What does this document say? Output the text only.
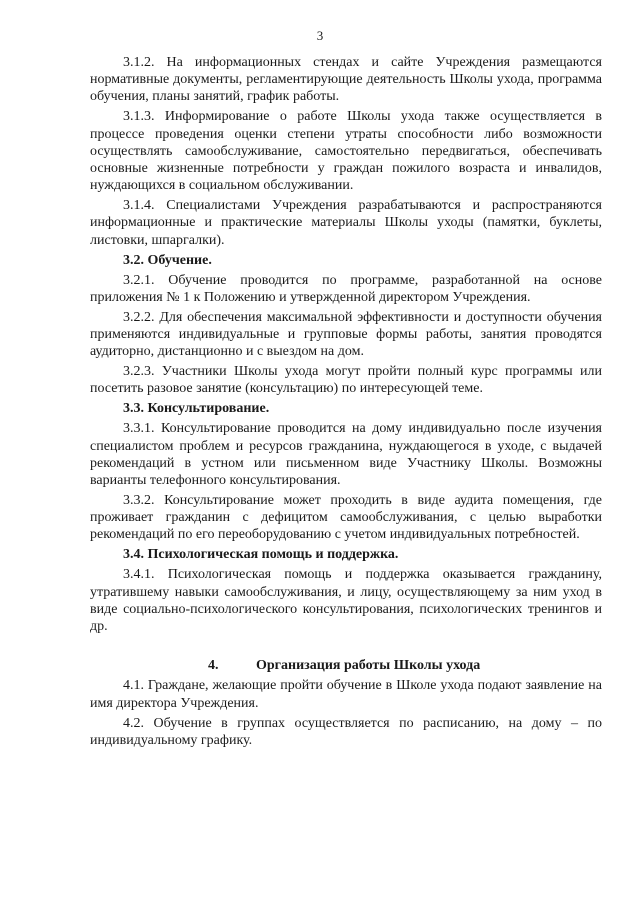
3

3.1.2. На информационных стендах и сайте Учреждения размещаются нормативные документы, регламентирующие деятельность Школы ухода, программа обучения, планы занятий, график работы.

3.1.3. Информирование о работе Школы ухода также осуществляется в процессе проведения оценки степени утраты способности либо возможности осуществлять самообслуживание, самостоятельно передвигаться, обеспечивать основные жизненные потребности у граждан пожилого возраста и инвалидов, нуждающихся в социальном обслуживании.

3.1.4. Специалистами Учреждения разрабатываются и распространяются информационные и практические материалы Школы уходы (памятки, буклеты, листовки, шпаргалки).

3.2. Обучение.

3.2.1. Обучение проводится по программе, разработанной на основе приложения № 1 к Положению и утвержденной директором Учреждения.

3.2.2. Для обеспечения максимальной эффективности и доступности обучения применяются индивидуальные и групповые формы работы, занятия проводятся аудиторно, дистанционно и с выездом на дом.

3.2.3. Участники Школы ухода могут пройти полный курс программы или посетить разовое занятие (консультацию) по интересующей теме.

3.3. Консультирование.

3.3.1. Консультирование проводится на дому индивидуально после изучения специалистом проблем и ресурсов гражданина, нуждающегося в уходе, с выдачей рекомендаций в устном или письменном виде Участнику Школы. Возможны варианты телефонного консультирования.

3.3.2. Консультирование может проходить в виде аудита помещения, где проживает гражданин с дефицитом самообслуживания, с целью выработки рекомендаций по его переоборудованию с учетом индивидуальных потребностей.

3.4. Психологическая помощь и поддержка.

3.4.1. Психологическая помощь и поддержка оказывается гражданину, утратившему навыки самообслуживания, и лицу, осуществляющему за ним уход в виде социально-психологического консультирования, психологических тренингов и др.

4.	Организация работы Школы ухода

4.1. Граждане, желающие пройти обучение в Школе ухода подают заявление на имя директора Учреждения.

4.2. Обучение в группах осуществляется по расписанию, на дому – по индивидуальному графику.
